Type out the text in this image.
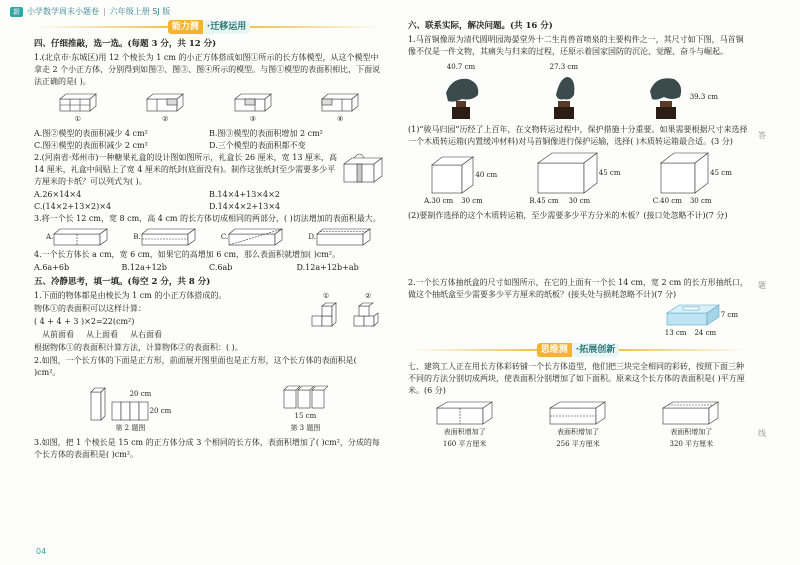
新 小学数学周末小题卷 | 六年级上册 SJ 版
能力测 ·迁移运用
四、仔细推敲，选一选。(每题 3 分，共 12 分)
1.(北京市·东城区)用 12 个棱长为 1 cm 的小正方体搭成如图①所示的长方体模型，从这个模型中拿走 2 个小正方体，分别得到如图②、图③、图④所示的模型。与图①模型的表面积相比，下面说法正确的是( )。
①	②	③	④
A.图②模型的表面积减少 4 cm²	B.图③模型的表面积增加 2 cm²
C.图④模型的表面积减少 2 cm²	D.三个模型的表面积都不变
2.(河南省·郑州市)一种糖果礼盒的设计图如图所示，礼盒长 26 厘米，宽 13 厘米，高 14 厘米，礼盒中间贴上了宽 4 厘米的纸封(底面没有)。制作这张纸封至少需要多少平方厘米的卡纸？可以列式为( )。
A.26×14×4	B.14×4+13×4×2
C.(14×2+13×2)×4	D.14×4×2+13×4
3.将一个长 12 cm，宽 8 cm，高 4 cm 的长方体切成相同的两部分，( )切法增加的表面积最大。
A.	B.	C.	D.
4.一个长方体长 a cm，宽 6 cm，如果它的高增加 6 cm，那么表面积就增加( )cm²。
A.6a+6b	B.12a+12b	C.6ab	D.12a+12b+ab
五、冷静思考，填一填。(每空 2 分，共 8 分)
1.下面的物体都是由棱长为 1 cm 的小正方体搭成的。
物体①的表面积可以这样计算：
( 4 + 4 + 3 )×2=22(cm²)
从前面看 从上面看 从右面看
①	②
根据物体①的表面积计算方法，计算物体②的表面积：( )。
2.如图，一个长方体的下面是正方形，前面展开图里面也是正方形，这个长方体的表面积是( )cm²。
20 cm
20 cm
第 2 题图
15 cm
第 3 题图
3.如图，把 1 个棱长是 15 cm 的正方体分成 3 个相同的长方体，表面积增加了( )cm²，分成的每个长方体的表面积是( )cm²。
六、联系实际，解决问题。(共 16 分)
1.马首铜像原为清代圆明园海晏堂外十二生肖兽首喷泉的主要构件之一，其尺寸如下图，马首铜像不仅是一件文物，其痛失与归来的过程，还原示着国家国防的沉沦、觉醒、奋斗与崛起。
40.7 cm	27.3 cm
39.3 cm
(1)“骏马归园”历经了上百年，在文物转运过程中，保护措施十分重要。如果需要根据尺寸来选择一个木质转运箱(内置缓冲材料)对马首铜像进行保护运输，选择( )木质转运箱最合适。(3 分)
A.
40 cm
30 cm 30 cm	B.
45 cm
45 cm 30 cm	C.
45 cm
40 cm 30 cm
(2)要制作选择的这个木质转运箱，至少需要多少平方分米的木板？(接口处忽略不计)(7 分)
2.一个长方体抽纸盒的尺寸如图所示，在它的上面有一个长 14 cm，宽 2 cm 的长方形抽纸口，做这个抽纸盒至少需要多少平方厘米的纸板？(接头处与损耗忽略不计)(7 分)
7 cm
13 cm 24 cm
思维测 ·拓展创新
七、建筑工人正在用长方体彩砖铺一个长方体造型，他们把三块完全相同的彩砖，按照下面三种不同的方法分别切成两块，使表面积分别增加了如下面积。原来这个长方体的表面积是( )平方厘米。(6 分)
表面积增加了
160 平方厘米
表面积增加了
256 平方厘米
表面积增加了
320 平方厘米
答
题
线
04
